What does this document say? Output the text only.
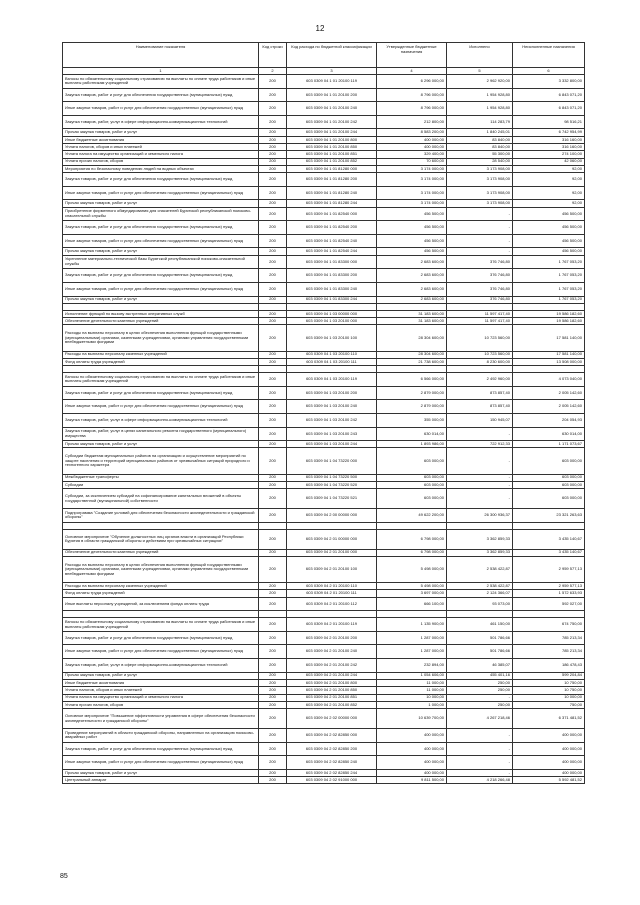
12
Наименование показателя	Код строки	Код расхода по бюджетной классификации	Утвержденные бюджетные назначения	Исполнено	Неисполненные назначения
1	2	3	4	5	6
Взносы по обязательному социальному страхованию на выплаты по оплате труда работников и иные выплаты работникам учреждений	200	603 0309 04 1 01 20100 119	6 296 000,00	2 962 920,00	3 332 800,00
Закупка товаров, работ и услуг для обеспечения государственных (муниципальных) нужд	200	603 0309 04 1 01 20100 200	8 796 000,00	1 954 928,80	6 843 071,20
Иные закупки товаров, работ и услуг для обеспечения государственных (муниципальных) нужд	200	603 0309 04 1 01 20100 240	8 796 000,00	1 954 928,80	6 843 071,20
Закупка товаров, работ, услуг в сфере информационно-коммуникационных технологий	200	603 0309 04 1 01 20100 242	212 800,00	114 283,79	98 516,21
Прочая закупка товаров, работ и услуг	200	603 0309 04 1 01 20100 244	8 583 200,00	1 840 245,01	6 742 954,99
Иные бюджетные ассигнования	200	603 0309 04 1 01 20100 800	400 000,00	83 840,00	316 160,00
Уплата налогов, сборов и иных платежей	200	603 0309 04 1 01 20100 850	400 000,00	83 840,00	316 160,00
Уплата налога на имущество организаций и земельного налога	200	603 0309 04 1 01 20100 851	329 400,00	55 300,00	274 100,00
Уплата прочих налогов, сборов	200	603 0309 04 1 01 20100 852	70 600,00	28 540,00	42 060,00
Мероприятия по безопасному поведению людей на водных объектах	200	603 0309 04 1 01 81280 000	3 174 000,00	3 173 908,00	92,00
Закупка товаров, работ и услуг для обеспечения государственных (муниципальных) нужд	200	603 0309 04 1 01 81280 200	3 174 000,00	3 173 908,00	92,00
Иные закупки товаров, работ и услуг для обеспечения государственных (муниципальных) нужд	200	603 0309 04 1 01 81280 240	3 174 000,00	3 173 908,00	92,00
Прочая закупка товаров, работ и услуг	200	603 0309 04 1 01 81280 244	3 174 000,00	3 173 908,00	92,00
Приобретение фирменного обмундирования для спасателей Бурятской республиканской поисково-спасательной службы	200	603 0309 04 1 01 82540 000	456 500,00	-	456 500,00
Закупка товаров, работ и услуг для обеспечения государственных (муниципальных) нужд	200	603 0309 04 1 01 82540 200	456 500,00	-	456 500,00
Иные закупки товаров, работ и услуг для обеспечения государственных (муниципальных) нужд	200	603 0309 04 1 01 82540 240	456 500,00	-	456 500,00
Прочая закупка товаров, работ и услуг	200	603 0309 04 1 01 82540 244	456 500,00	-	456 500,00
Укрепление материально-технической базы Бурятской республиканской поисково-спасательной службы	200	603 0309 04 1 01 83300 000	2 683 600,00	376 746,80	1 767 053,20
Закупка товаров, работ и услуг для обеспечения государственных (муниципальных) нужд	200	603 0309 04 1 01 83300 200	2 683 600,00	376 746,80	1 767 053,20
Иные закупки товаров, работ и услуг для обеспечения государственных (муниципальных) нужд	200	603 0309 04 1 01 83300 240	2 683 600,00	376 746,80	1 767 053,20
Прочая закупка товаров, работ и услуг	200	603 0309 04 1 01 83300 244	2 683 600,00	376 746,80	1 767 053,20

Исполнение функций по вызову экстренных оперативных служб	200	603 0309 04 1 03 00000 000	31 183 600,00	11 597 417,40	19 586 182,60
Обеспечение деятельности казенных учреждений	200	603 0309 04 1 03 20100 000	31 183 600,00	11 597 417,40	19 586 182,60
Расходы на выплаты персоналу в целях обеспечения выполнения функций государственными (муниципальными) органами, казенными учреждениями, органами управления государственными внебюджетными фондами	200	603 0309 04 1 03 20100 100	28 304 600,00	10 723 560,00	17 581 140,00
Расходы на выплаты персоналу казенных учреждений	200	603 0309 04 1 03 20100 110	28 304 600,00	10 723 560,00	17 581 140,00
Фонд оплаты труда учреждений	200	603 0309 04 1 03 20100 111	21 738 600,00	8 230 600,00	13 508 000,00

Взносы по обязательному социальному страхованию на выплаты по оплате труда работников и иные выплаты работникам учреждений	200	603 0309 04 1 03 20100 119	6 566 000,00	2 492 960,00	4 073 040,00
Закупка товаров, работ и услуг для обеспечения государственных (муниципальных) нужд	200	603 0309 04 1 03 20100 200	2 879 000,00	873 857,40	2 005 142,60
Иные закупки товаров, работ и услуг для обеспечения государственных (муниципальных) нужд	200	603 0309 04 1 03 20100 240	2 879 000,00	873 857,40	2 005 142,60
Закупка товаров, работ, услуг в сфере информационно-коммуникационных технологий	200	603 0309 04 1 03 20100 242	355 000,00	150 945,07	204 054,93
Закупка товаров, работ, услуг в целях капитального ремонта государственного (муниципального) имущества	200	603 0309 04 1 03 20100 243	630 014,00	-	630 014,00
Прочая закупка товаров, работ и услуг	200	603 0309 04 1 03 20100 244	1 893 986,00	722 912,33	1 171 073,67
Субсидии бюджетам муниципальных районов на организацию и осуществление мероприятий по защите населения и территорий муниципальных районов от чрезвычайных ситуаций природного и техногенного характера	200	603 0309 04 1 04 73220 000	603 000,00	-	603 000,00
Межбюджетные трансферты	200	603 0309 04 1 04 73220 500	603 000,00	-	603 000,00
Субсидии	200	603 0309 04 1 04 73220 520	603 000,00	-	603 000,00
Субсидии, за исключением субсидий на софинансирование капитальных вложений в объекты государственной (муниципальной) собственности	200	603 0309 04 1 04 73220 521	603 000,00	-	603 000,00
Подпрограмма "Создание условий для обеспечения безопасности жизнедеятельности и гражданской обороны"	200	603 0309 04 2 00 00000 000	49 622 200,00	26 300 936,37	23 321 263,63

Основное мероприятие "Обучение должностных лиц органов власти в организаций Республики Бурятия в области гражданской обороны и действиям при чрезвычайных ситуациях"	200	603 0309 04 2 01 00000 000	6 798 000,00	3 362 859,33	3 435 140,67
Обеспечение деятельности казенных учреждений	200	603 0309 04 2 01 20100 000	6 798 000,00	3 362 859,33	3 435 140,67
Расходы на выплаты персоналу в целях обеспечения выполнения функций государственными (муниципальными) органами, казенными учреждениями, органами управления государственными внебюджетными фондами	200	603 0309 04 2 01 20100 100	5 498 000,00	2 538 422,87	2 959 577,13
Расходы на выплаты персоналу казенных учреждений	200	603 0309 04 2 01 20100 110	5 498 000,00	2 538 422,87	2 959 577,13
Фонд оплаты труда учреждений	200	603 0309 04 2 01 20100 111	3 697 000,00	2 124 366,07	1 572 633,93
Иные выплаты персоналу учреждений, за исключением фонда оплаты труда	200	603 0309 04 2 01 20100 112	666 100,00	93 073,00	592 027,00

Взносы по обязательному социальному страхованию на выплаты по оплате труда работников и иные выплаты работникам учреждений	200	603 0309 04 2 01 20100 119	1 135 900,00	461 150,00	674 750,00
Закупка товаров, работ и услуг для обеспечения государственных (муниципальных) нужд	200	603 0309 04 2 01 20100 200	1 287 000,00	501 786,66	785 213,34
Иные закупки товаров, работ и услуг для обеспечения государственных (муниципальных) нужд	200	603 0309 04 2 01 20100 240	1 287 000,00	501 786,66	785 213,34
Закупка товаров, работ, услуг в сфере информационно-коммуникационных технологий	200	603 0309 04 2 01 20100 242	232 894,00	46 385,07	186 478,43
Прочая закупка товаров, работ и услуг	200	603 0309 04 2 01 20100 244	1 054 606,00	455 401,16	599 204,84
Иные бюджетные ассигнования	200	603 0309 04 2 01 20100 800	11 000,00	250,00	10 750,00
Уплата налогов, сборов и иных платежей	200	603 0309 04 2 01 20100 850	11 000,00	250,00	10 750,00
Уплата налога на имущество организаций и земельного налога	200	603 0309 04 2 01 20100 851	10 000,00	-	10 000,00
Уплата прочих налогов, сборов	200	603 0309 04 2 01 20100 852	1 000,00	250,00	750,00
Основное мероприятие "Повышение эффективности управления в сфере обеспечения безопасности жизнедеятельности и гражданской обороны"	200	603 0309 04 2 02 00000 000	10 639 700,00	4 267 218,46	6 371 481,52
Проведение мероприятий в области гражданской обороны, направленных на организацию поисково-аварийных работ	200	603 0309 04 2 02 82850 000	400 000,00	-	400 000,00
Закупка товаров, работ и услуг для обеспечения государственных (муниципальных) нужд	200	603 0309 04 2 02 82850 200	400 000,00	-	400 000,00
Иные закупки товаров, работ и услуг для обеспечения государственных (муниципальных) нужд	200	603 0309 04 2 02 82850 240	400 000,00	-	400 000,00
Прочая закупка товаров, работ и услуг	200	603 0309 04 2 02 82850 244	400 000,00	-	400 000,00
Центральный аппарат	200	603 0309 04 2 02 91000 000	9 811 500,00	4 218 266,48	5 592 481,52
85
